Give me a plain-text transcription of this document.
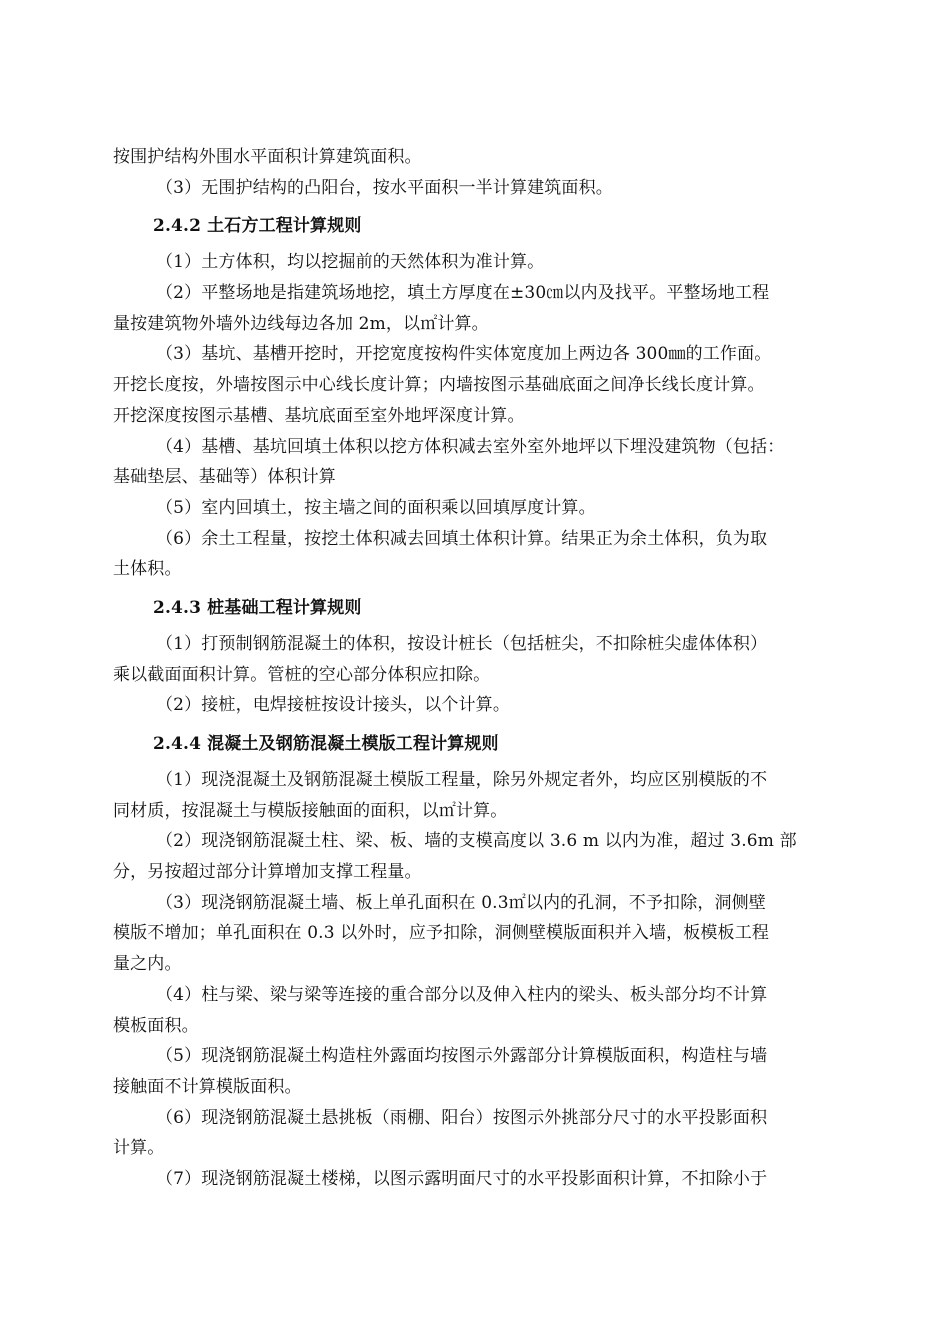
按围护结构外围水平面积计算建筑面积。
（3）无围护结构的凸阳台，按水平面积一半计算建筑面积。
2.4.2 土石方工程计算规则
（1）土方体积，均以挖掘前的天然体积为准计算。
（2）平整场地是指建筑场地挖，填土方厚度在±30㎝以内及找平。平整场地工程
量按建筑物外墙外边线每边各加 2m，以㎡计算。
（3）基坑、基槽开挖时，开挖宽度按构件实体宽度加上两边各 300㎜的工作面。
开挖长度按，外墙按图示中心线长度计算；内墙按图示基础底面之间净长线长度计算。
开挖深度按图示基槽、基坑底面至室外地坪深度计算。
（4）基槽、基坑回填土体积以挖方体积减去室外室外地坪以下埋没建筑物（包括：
基础垫层、基础等）体积计算
（5）室内回填土，按主墙之间的面积乘以回填厚度计算。
（6）余土工程量，按挖土体积减去回填土体积计算。结果正为余土体积，负为取
土体积。
2.4.3 桩基础工程计算规则
（1）打预制钢筋混凝土的体积，按设计桩长（包括桩尖，不扣除桩尖虚体体积）
乘以截面面积计算。管桩的空心部分体积应扣除。
（2）接桩，电焊接桩按设计接头，以个计算。
2.4.4 混凝土及钢筋混凝土模版工程计算规则
（1）现浇混凝土及钢筋混凝土模版工程量，除另外规定者外，均应区别模版的不
同材质，按混凝土与模版接触面的面积，以㎡计算。
（2）现浇钢筋混凝土柱、梁、板、墙的支模高度以 3.6 m 以内为准，超过 3.6m 部
分，另按超过部分计算增加支撑工程量。
（3）现浇钢筋混凝土墙、板上单孔面积在 0.3㎡以内的孔洞，不予扣除，洞侧壁
模版不增加；单孔面积在 0.3 以外时，应予扣除，洞侧壁模版面积并入墙，板模板工程
量之内。
（4）柱与梁、梁与梁等连接的重合部分以及伸入柱内的梁头、板头部分均不计算
模板面积。
（5）现浇钢筋混凝土构造柱外露面均按图示外露部分计算模版面积，构造柱与墙
接触面不计算模版面积。
（6）现浇钢筋混凝土悬挑板（雨棚、阳台）按图示外挑部分尺寸的水平投影面积
计算。
（7）现浇钢筋混凝土楼梯，以图示露明面尺寸的水平投影面积计算，不扣除小于
